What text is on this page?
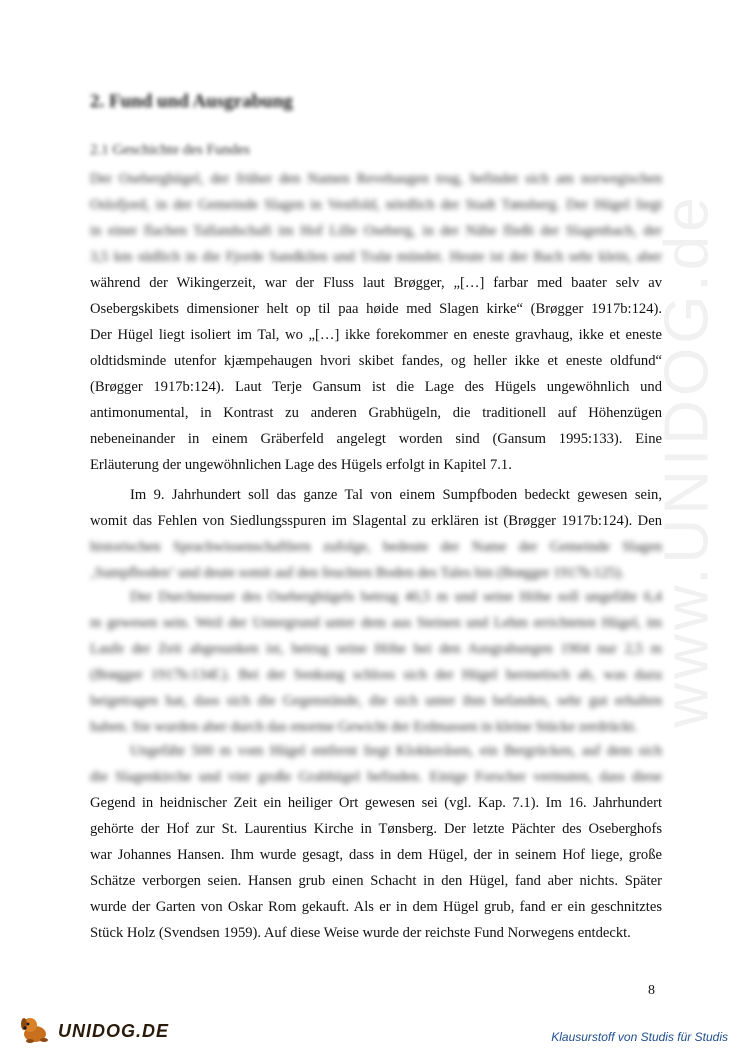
www.UNIDOG.de
2. Fund und Ausgrabung
2.1 Geschichte des Fundes
Der Oseberghügel, der früher den Namen Revehaugen trug, befindet sich am norwegischen
Oslofjord, in der Gemeinde Slagen in Vestfold, nördlich der Stadt Tønsberg. Der Hügel liegt
in einer flachen Tallandschaft im Hof Lille Oseberg, in der Nähe fließt der Slagenbach, der
3,5 km südlich in die Fjorde Sandkilen und Tralø mündet. Heute ist der Bach sehr klein, aber
während der Wikingerzeit, war der Fluss laut Brøgger, „[…] farbar med baater selv av
Osebergskibets dimensioner helt op til paa høide med Slagen kirke“ (Brøgger 1917b:124).
Der Hügel liegt isoliert im Tal, wo „[…] ikke forekommer en eneste gravhaug, ikke et eneste
oldtidsminde utenfor kjæmpehaugen hvori skibet fandes, og heller ikke et eneste oldfund“
(Brøgger 1917b:124). Laut Terje Gansum ist die Lage des Hügels ungewöhnlich und
antimonumental, in Kontrast zu anderen Grabhügeln, die traditionell auf Höhenzügen
nebeneinander in einem Gräberfeld angelegt worden sind (Gansum 1995:133). Eine
Erläuterung der ungewöhnlichen Lage des Hügels erfolgt in Kapitel 7.1.
Im 9. Jahrhundert soll das ganze Tal von einem Sumpfboden bedeckt gewesen sein,
womit das Fehlen von Siedlungsspuren im Slagental zu erklären ist (Brøgger 1917b:124). Den
historischen Sprachwissenschaftlern zufolge, bedeute der Name der Gemeinde Slagen
‚Sumpfboden‘ und deute somit auf den feuchten Boden des Tales hin (Brøgger 1917b:125).
Der Durchmesser des Oseberghügels betrug 40,5 m und seine Höhe soll ungefähr 6,4
m gewesen sein. Weil der Untergrund unter dem aus Steinen und Lehm errichteten Hügel, im
Laufe der Zeit abgesunken ist, betrug seine Höhe bei den Ausgrabungen 1904 nur 2,5 m
(Brøgger 1917b:134f.). Bei der Senkung schloss sich der Hügel hermetisch ab, was dazu
beigetragen hat, dass sich die Gegenstände, die sich unter ihm befanden, sehr gut erhalten
haben. Sie wurden aber durch das enorme Gewicht der Erdmassen in kleine Stücke zerdrückt.
Ungefähr 500 m vom Hügel entfernt liegt Klokkeråsen, ein Bergrücken, auf dem sich
die Slagenkirche und vier große Grabhügel befinden. Einige Forscher vermuten, dass diese
Gegend in heidnischer Zeit ein heiliger Ort gewesen sei (vgl. Kap. 7.1). Im 16. Jahrhundert
gehörte der Hof zur St. Laurentius Kirche in Tønsberg. Der letzte Pächter des Oseberghofs
war Johannes Hansen. Ihm wurde gesagt, dass in dem Hügel, der in seinem Hof liege, große
Schätze verborgen seien. Hansen grub einen Schacht in den Hügel, fand aber nichts. Später
wurde der Garten von Oskar Rom gekauft. Als er in dem Hügel grub, fand er ein geschnitztes
Stück Holz (Svendsen 1959). Auf diese Weise wurde der reichste Fund Norwegens entdeckt.
8
UNIDOG.DE	Klausurstoff von Studis für Studis
